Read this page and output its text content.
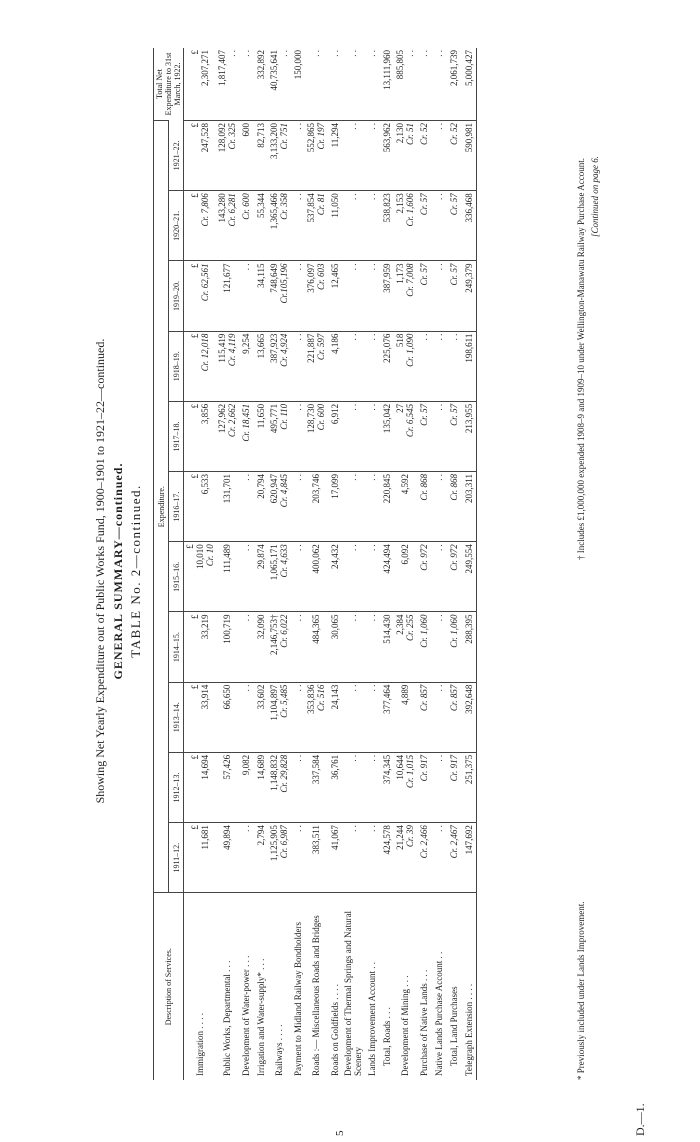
5	D.—1.
TABLE No. 2—continued.
GENERAL SUMMARY—continued.
Showing Net Yearly Expenditure out of Public Works Fund, 1900–1901 to 1921–22—continued.
Description of Services.	Expenditure.											Total Net Expenditure to 31st March, 1922.
	1911–12.	1912–13.	1913–14.	1914–15.	1915–16.	1916–17.	1917–18.	1918–19.	1919–20.	1920–21.	1921–22.	
Immigration . . . .	£ 11,681	£ 14,694	£ 33,914	£ 33,219	£ 10,010 Cr. 10	£ 6,533	£ 3,856	£ Cr. 12,018	£ Cr. 62,561	£ Cr. 7,806	£ 247,528	£ 2,307,271

Public Works, Departmental . . .	49,894	57,426	66,650	100,719	111,489	131,701	127,962 Cr. 2,662	115,419 Cr. 4,119	121,677	143,280 Cr. 6,281	128,092 Cr. 325	1,817,407 . .

Development of Water-power . . .	. .	9,082	. .	. .	. .	. .	Cr. 18,451	9,254	. .	Cr. 600	600	. .

Irrigation and Water-supply* . . .	2,794	14,689	33,602	32,090	29,874	20,794	11,650	13,665	34,115	55,344	82,713	332,892

Railways . . . .	1,125,905 Cr. 6,987	1,148,832 Cr. 29,828	1,104,897 Cr. 5,485	2,146,753† Cr. 6,022	1,065,171 Cr. 4,633	620,947 Cr. 4,845	495,771 Cr. 110	387,923 Cr. 4,924	748,649 Cr.105,196	1,365,466 Cr. 358	3,133,200 Cr. 751	40,735,641 . .

Payment to Midland Railway Bondholders	. .	. .	. .	. .	. .	. .	. .	. .	. .	. .	. .	150,000

Roads :— Miscellaneous Roads and Bridges	383,511	337,584	353,836 Cr. 516	484,365	400,062	203,746	128,730 Cr. 600	221,887 Cr. 597	376,097 Cr. 603	537,854 Cr. 81	552,865 Cr. 197	. .

Roads on Goldfields . . . .	41,067	36,761	24,143	30,065	24,432	17,099	6,912	4,186	12,465	11,050	11,294	. .

Development of Thermal Springs and Natural Scenery	. .	. .	. .	. .	. .	. .	. .	. .	. .	. .	. .	. .

Lands Improvement Account . .	. .	. .	. .	. .	. .	. .	. .	. .	. .	. .	. .	. .

Total, Roads . . .	424,578	374,345	377,464	514,430	424,494	220,845	135,042	225,076	387,959	538,823	563,962	13,111,960

Development of Mining . . .	21,244 Cr. 39	10,644 Cr. 1,015	4,889	2,384 Cr. 255	6,092	4,592	27 Cr. 6,545	518 Cr. 1,090	1,173 Cr. 7,008	2,153 Cr. 1,606	2,130 Cr. 51	885,805 . .

Purchase of Native Lands . . .	Cr. 2,466	Cr. 917	Cr. 857	Cr. 1,060	Cr. 972	Cr. 868	Cr. 57	. .	Cr. 57	Cr. 57	Cr. 52	. .

Native Lands Purchase Account . .	. .	. .	. .	. .	. .	. .	. .	. .	. .	. .	. .	. .

Total, Land Purchases	Cr. 2,467	Cr. 917	Cr. 857	Cr. 1,060	Cr. 972	Cr. 868	Cr. 57	. .	Cr. 57	Cr. 57	Cr. 52	2,061,739

Telegraph Extension . . . .	147,692	251,375	392,648	288,395	249,554	203,311	213,955	198,611	249,379	336,468	590,981	5,000,427
* Previously included under Lands Improvement.
† Includes £1,000,000 expended 1908–9 and 1909–10 under Wellington-Manawatu Railway Purchase Account. [Continued on page 6.
